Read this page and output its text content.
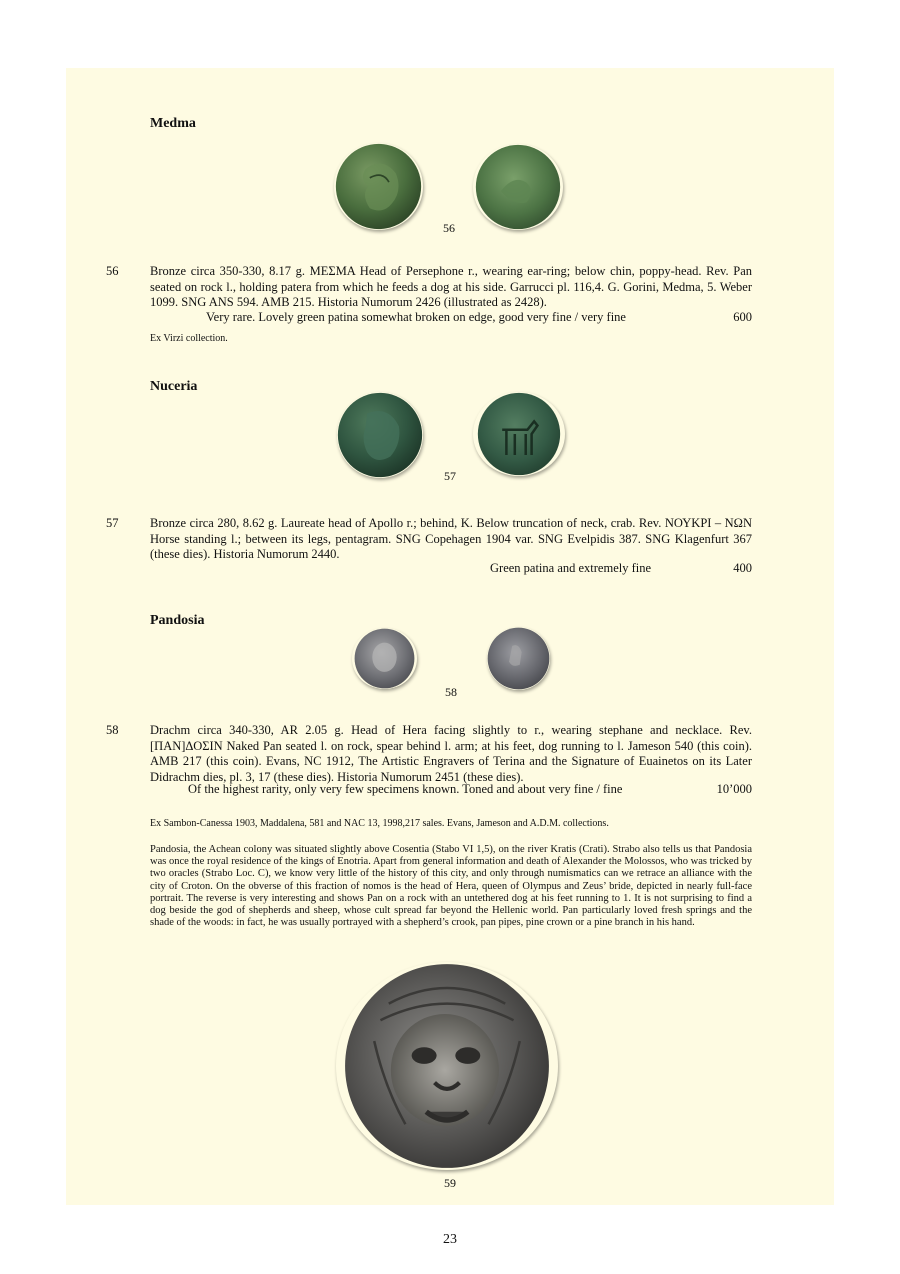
Medma
56
56	Bronze circa 350-330, 8.17 g. ΜΕΣΜΑ Head of Persephone r., wearing ear-ring; below chin, poppy-head. Rev. Pan seated on rock l., holding patera from which he feeds a dog at his side. Garrucci pl. 116,4. G. Gorini, Medma, 5. Weber 1099. SNG ANS 594. AMB 215. Historia Numorum 2426 (illustrated as 2428).
Very rare. Lovely green patina somewhat broken on edge, good very fine / very fine	600
Ex Virzi collection.
Nuceria
57
57	Bronze circa 280, 8.62 g. Laureate head of Apollo r.; behind, K. Below truncation of neck, crab. Rev. ΝΟΥΚΡΙ – ΝΩΝ Horse standing l.; between its legs, pentagram. SNG Copehagen 1904 var. SNG Evelpidis 387. SNG Klagenfurt 367 (these dies). Historia Numorum 2440.
Green patina and extremely fine	400
Pandosia
58
58	Drachm circa 340-330, AR 2.05 g. Head of Hera facing slightly to r., wearing stephane and necklace. Rev. [ΠΑΝ]ΔΟΣΙΝ Naked Pan seated l. on rock, spear behind l. arm; at his feet, dog running to l. Jameson 540 (this coin). AMB 217 (this coin). Evans, NC 1912, The Artistic Engravers of Terina and the Signature of Euainetos on its Later Didrachm dies, pl. 3, 17 (these dies). Historia Numorum 2451 (these dies).
Of the highest rarity, only very few specimens known. Toned and about very fine / fine	10’000
Ex Sambon-Canessa 1903, Maddalena, 581 and NAC 13, 1998,217 sales. Evans, Jameson and A.D.M. collections.
Pandosia, the Achean colony was situated slightly above Cosentia (Stabo VI 1,5), on the river Kratis (Crati). Strabo also tells us that Pandosia was once the royal residence of the kings of Enotria. Apart from general information and death of Alexander the Molossos, who was tricked by two oracles (Strabo Loc. C), we know very little of the history of this city, and only through numismatics can we retrace an alliance with the city of Croton. On the obverse of this fraction of nomos is the head of Hera, queen of Olympus and Zeus’ bride, depicted in nearly full-face portrait. The reverse is very interesting and shows Pan on a rock with an untethered dog at his feet running to 1. It is not surprising to find a dog beside the god of shepherds and sheep, whose cult spread far beyond the Hellenic world. Pan particularly loved fresh springs and the shade of the woods: in fact, he was usually portrayed with a shepherd’s crook, pan pipes, pine crown or a pine branch in his hand.
59
23
